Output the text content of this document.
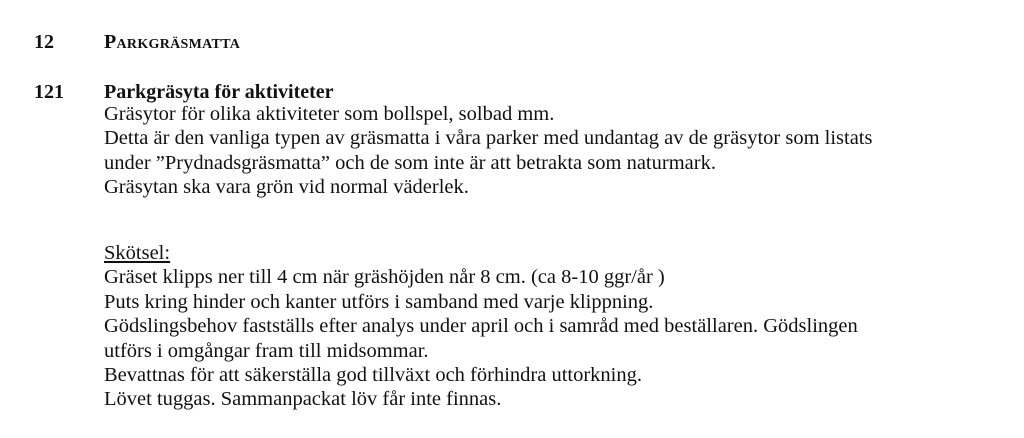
12	Parkgräsmatta
121 Parkgräsyta för aktiviteter
Gräsytor för olika aktiviteter som bollspel, solbad mm.
Detta är den vanliga typen av gräsmatta i våra parker med undantag av de gräsytor som listats
under ”Prydnadsgräsmatta” och de som inte är att betrakta som naturmark.
Gräsytan ska vara grön vid normal väderlek.
Skötsel:
Gräset klipps ner till 4 cm när gräshöjden når 8 cm. (ca 8-10 ggr/år )
Puts kring hinder och kanter utförs i samband med varje klippning.
Gödslingsbehov fastställs efter analys under april och i samråd med beställaren. Gödslingen
utförs i omgångar fram till midsommar.
Bevattnas för att säkerställa god tillväxt och förhindra uttorkning.
Lövet tuggas. Sammanpackat löv får inte finnas.
